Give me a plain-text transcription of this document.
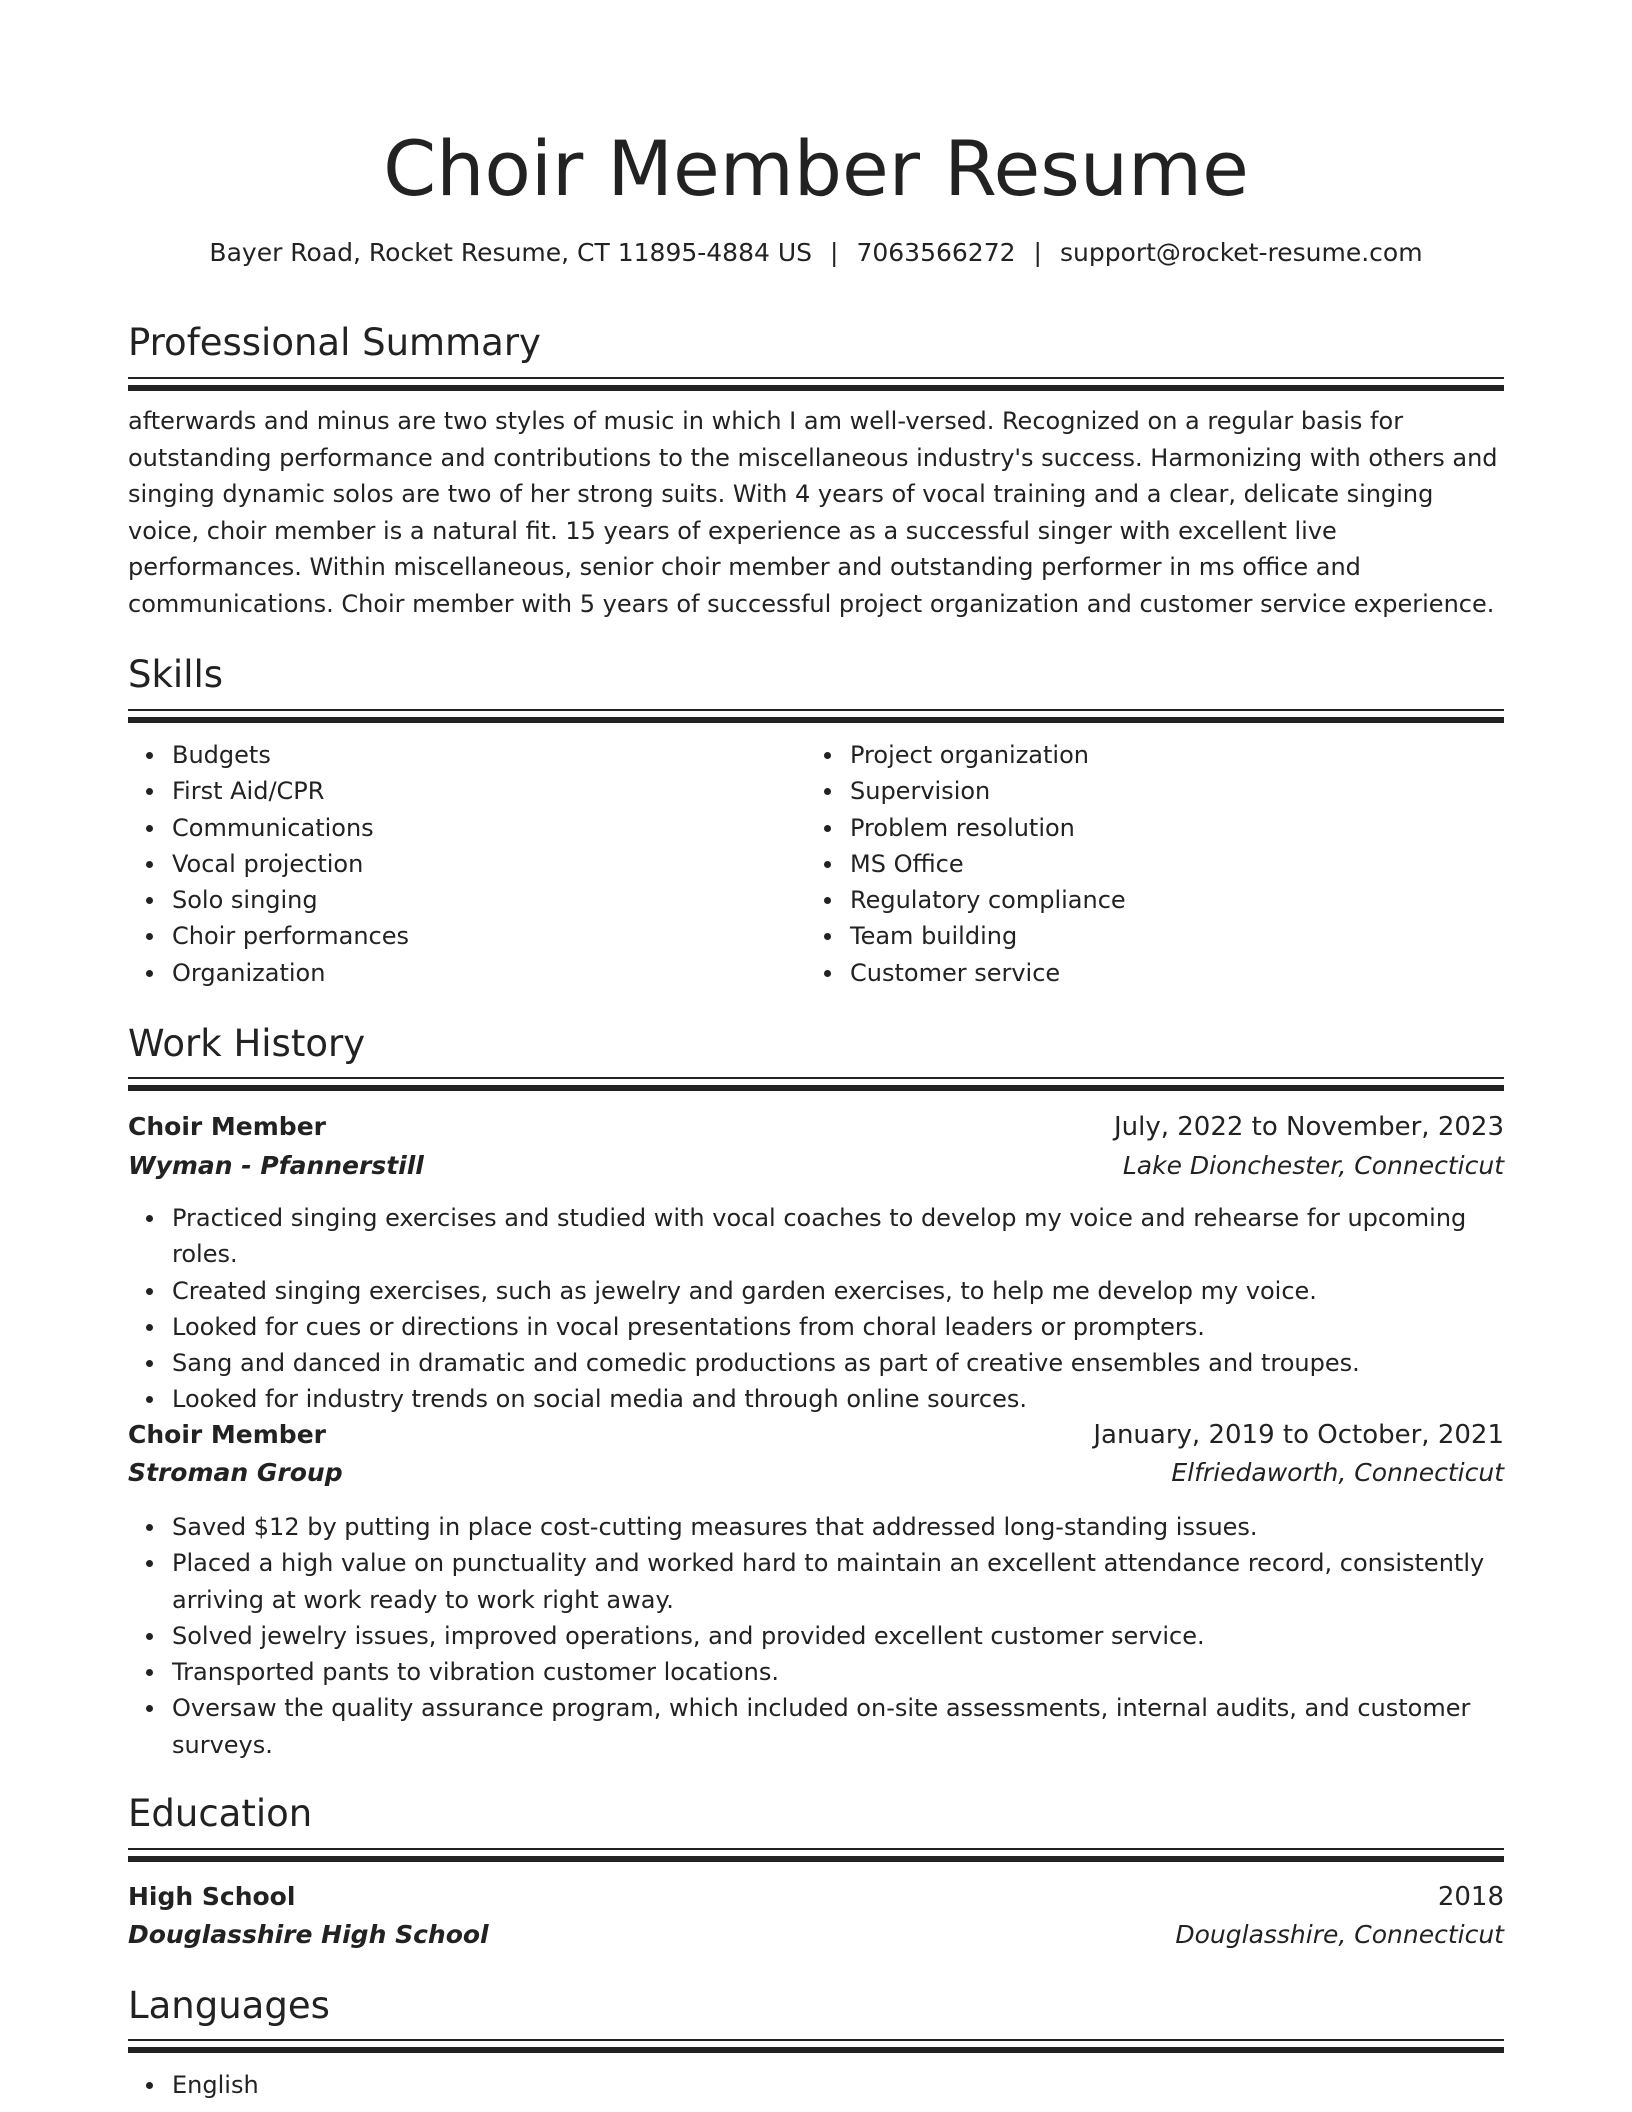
Choir Member Resume
Bayer Road, Rocket Resume, CT 11895-4884 US | 7063566272 | support@rocket-resume.com
Professional Summary

afterwards and minus are two styles of music in which I am well-versed. Recognized on a regular basis for outstanding performance and contributions to the miscellaneous industry's success. Harmonizing with others and singing dynamic solos are two of her strong suits. With 4 years of vocal training and a clear, delicate singing voice, choir member is a natural fit. 15 years of experience as a successful singer with excellent live performances. Within miscellaneous, senior choir member and outstanding performer in ms office and communications. Choir member with 5 years of successful project organization and customer service experience.

Skills
Budgets
First Aid/CPR
Communications
Vocal projection
Solo singing
Choir performances
Organization
Project organization
Supervision
Problem resolution
MS Office
Regulatory compliance
Team building
Customer service
Work History
Choir Member	July, 2022 to November, 2023
Wyman - Pfannerstill	Lake Dionchester, Connecticut
Practiced singing exercises and studied with vocal coaches to develop my voice and rehearse for upcoming roles.
Created singing exercises, such as jewelry and garden exercises, to help me develop my voice.
Looked for cues or directions in vocal presentations from choral leaders or prompters.
Sang and danced in dramatic and comedic productions as part of creative ensembles and troupes.
Looked for industry trends on social media and through online sources.
Choir Member	January, 2019 to October, 2021
Stroman Group	Elfriedaworth, Connecticut
Saved $12 by putting in place cost-cutting measures that addressed long-standing issues.
Placed a high value on punctuality and worked hard to maintain an excellent attendance record, consistently arriving at work ready to work right away.
Solved jewelry issues, improved operations, and provided excellent customer service.
Transported pants to vibration customer locations.
Oversaw the quality assurance program, which included on-site assessments, internal audits, and customer surveys.
Education
High School	2018
Douglasshire High School	Douglasshire, Connecticut
Languages
English
